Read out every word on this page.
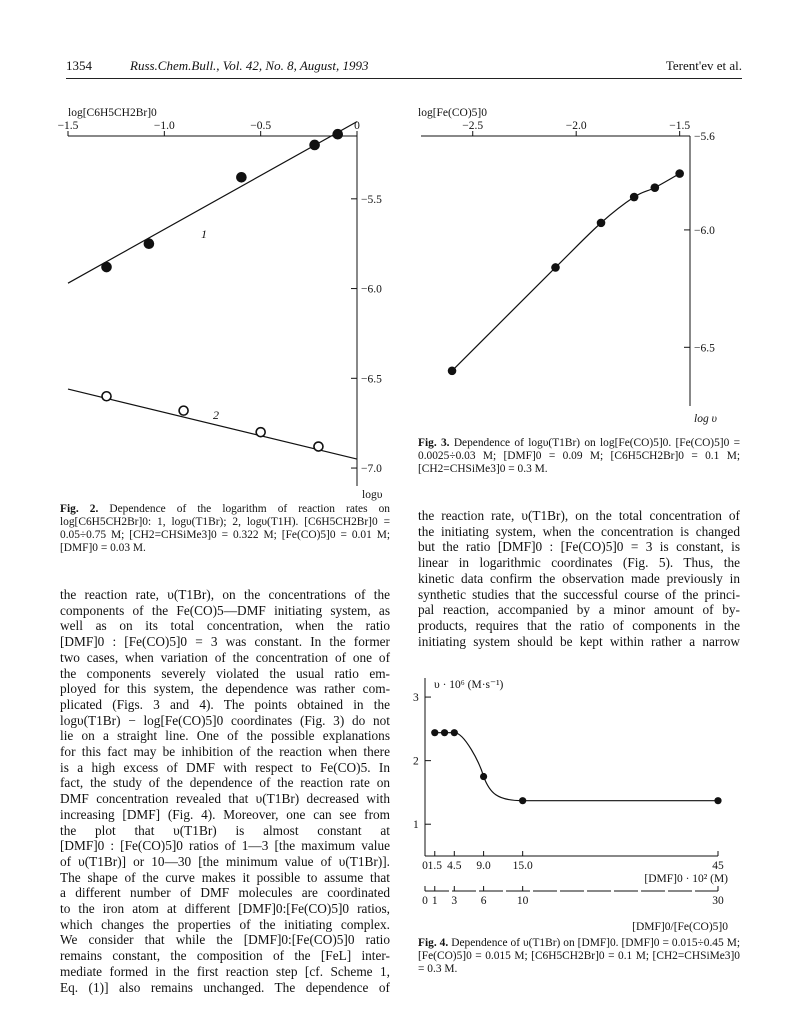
1354	Russ.Chem.Bull., Vol. 42, No. 8, August, 1993	Terent'ev et al.
log[C6H5CH2Br]0
−1.5	−1.0	−0.5	0
−5.5
−6.0
−6.5
−7.0
logυ
1
2
log[Fe(CO)5]0
−2.5	−2.0	−1.5
−5.6
−6.0
−6.5
log υ
υ · 10⁶ (M·s⁻¹)
1
2
3
0 1.5 4.5 9.0 15.0	45
[DMF]0 · 10² (M)
0 1 3 6	10	30
[DMF]0/[Fe(CO)5]0
Fig. 2. Dependence of the logarithm of reaction rates on log[C6H5CH2Br]0: 1, logυ(T1Br); 2, logυ(T1H). [C6H5CH2Br]0 = 0.05÷0.75 M; [CH2=CHSiMe3]0 = 0.322 M; [Fe(CO)5]0 = 0.01 M; [DMF]0 = 0.03 M.
Fig. 3. Dependence of logυ(T1Br) on log[Fe(CO)5]0. [Fe(CO)5]0 = 0.0025÷0.03 M; [DMF]0 = 0.09 M; [C6H5CH2Br]0 = 0.1 M; [CH2=CHSiMe3]0 = 0.3 M.
Fig. 4. Dependence of υ(T1Br) on [DMF]0. [DMF]0 = 0.015÷0.45 M; [Fe(CO)5]0 = 0.015 M; [C6H5CH2Br]0 = 0.1 M; [CH2=CHSiMe3]0 = 0.3 M.

the reaction rate, υ(T1Br), on the concentrations of the

components of the Fe(CO)5—DMF initiating system, as

well as on its total concentration, when the ratio

[DMF]0 : [Fe(CO)5]0 = 3 was constant. In the former

two cases, when variation of the concentration of one of

the components severely violated the usual ratio em-

ployed for this system, the dependence was rather com-

plicated (Figs. 3 and 4). The points obtained in the

logυ(T1Br) − log[Fe(CO)5]0 coordinates (Fig. 3) do not

lie on a straight line. One of the possible explanations

for this fact may be inhibition of the reaction when there

is a high excess of DMF with respect to Fe(CO)5. In

fact, the study of the dependence of the reaction rate on

DMF concentration revealed that υ(T1Br) decreased with

increasing [DMF] (Fig. 4). Moreover, one can see from

the plot that υ(T1Br) is almost constant at

[DMF]0 : [Fe(CO)5]0 ratios of 1—3 [the maximum value

of υ(T1Br)] or 10—30 [the minimum value of υ(T1Br)].

The shape of the curve makes it possible to assume that

a different number of DMF molecules are coordinated

to the iron atom at different [DMF]0:[Fe(CO)5]0 ratios,

which changes the properties of the initiating complex.

We consider that while the [DMF]0:[Fe(CO)5]0 ratio

remains constant, the composition of the [FeL] inter-

mediate formed in the first reaction step [cf. Scheme 1,

Eq. (1)] also remains unchanged. The dependence of

the reaction rate, υ(T1Br), on the total concentration of

the initiating system, when the concentration is changed

but the ratio [DMF]0 : [Fe(CO)5]0 = 3 is constant, is

linear in logarithmic coordinates (Fig. 5). Thus, the

kinetic data confirm the observation made previously in

synthetic studies that the successful course of the princi-

pal reaction, accompanied by a minor amount of by-

products, requires that the ratio of components in the

initiating system should be kept within rather a narrow
